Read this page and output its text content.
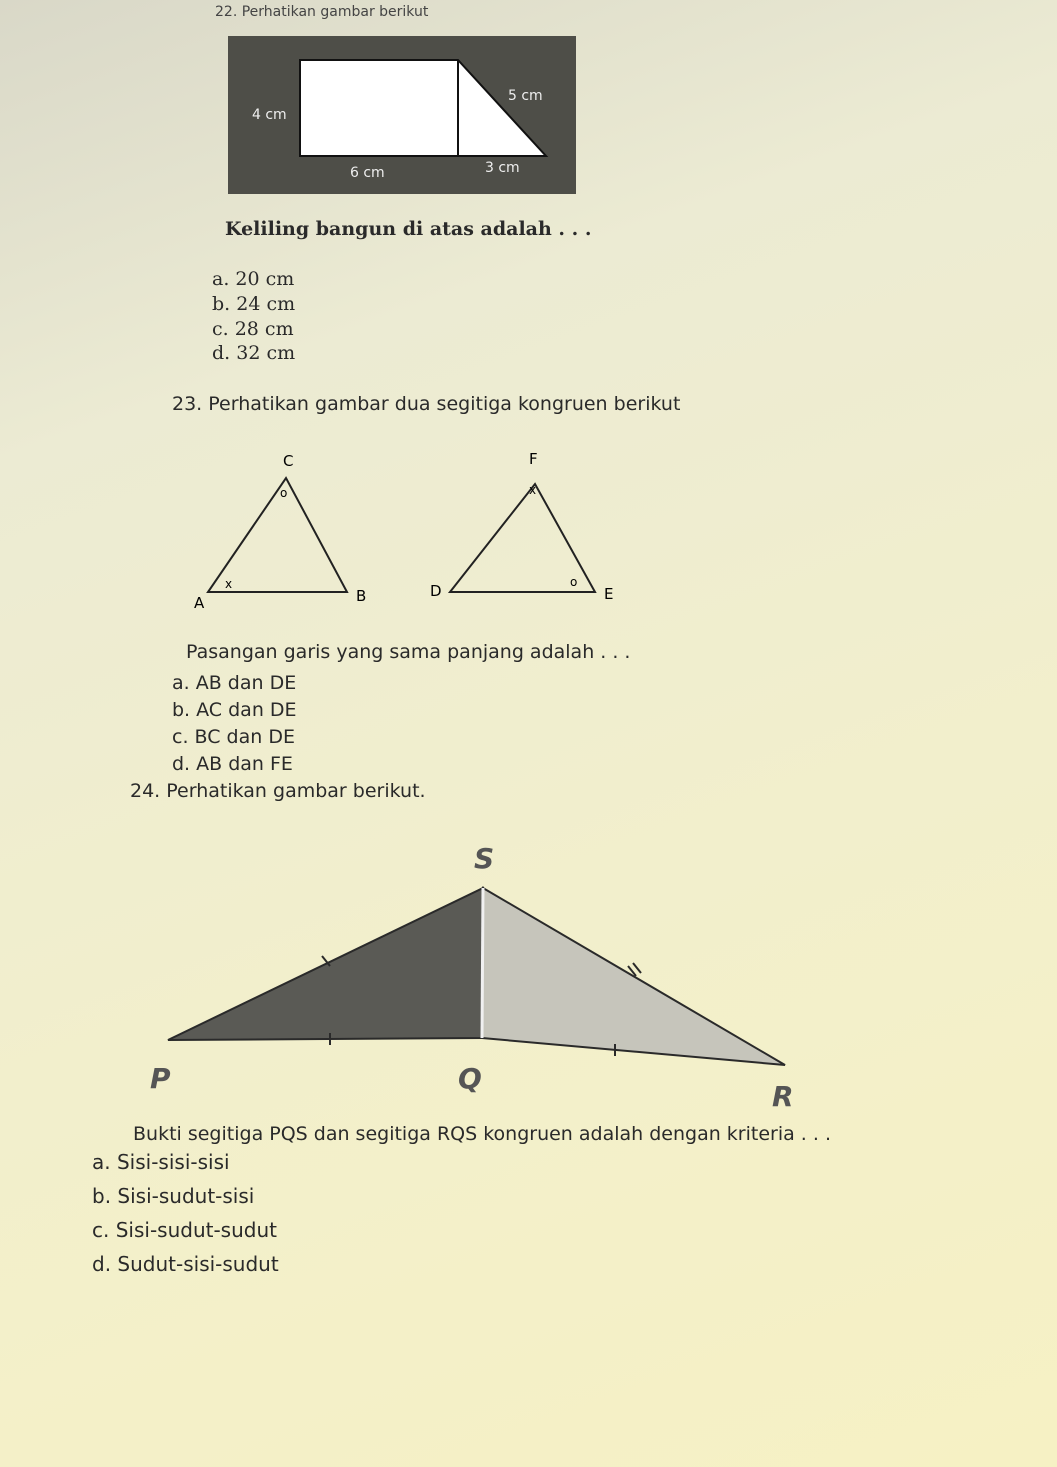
22. Perhatikan gambar berikut

4 cm
5 cm
6 cm	3 cm

Keliling bangun di atas adalah . . .

a. 20 cm

b. 24 cm

c. 28 cm

d. 32 cm

23. Perhatikan gambar dua segitiga kongruen berikut

A	B
C
x
o
D	E
F
x
o

Pasangan garis yang sama panjang adalah . . .

a. AB dan DE

b. AC dan DE

c. BC dan DE

d. AB dan FE

24. Perhatikan gambar berikut.

S
P	Q
R

Bukti segitiga PQS dan segitiga RQS kongruen adalah dengan kriteria . . .

a. Sisi-sisi-sisi

b. Sisi-sudut-sisi

c. Sisi-sudut-sudut

d. Sudut-sisi-sudut
